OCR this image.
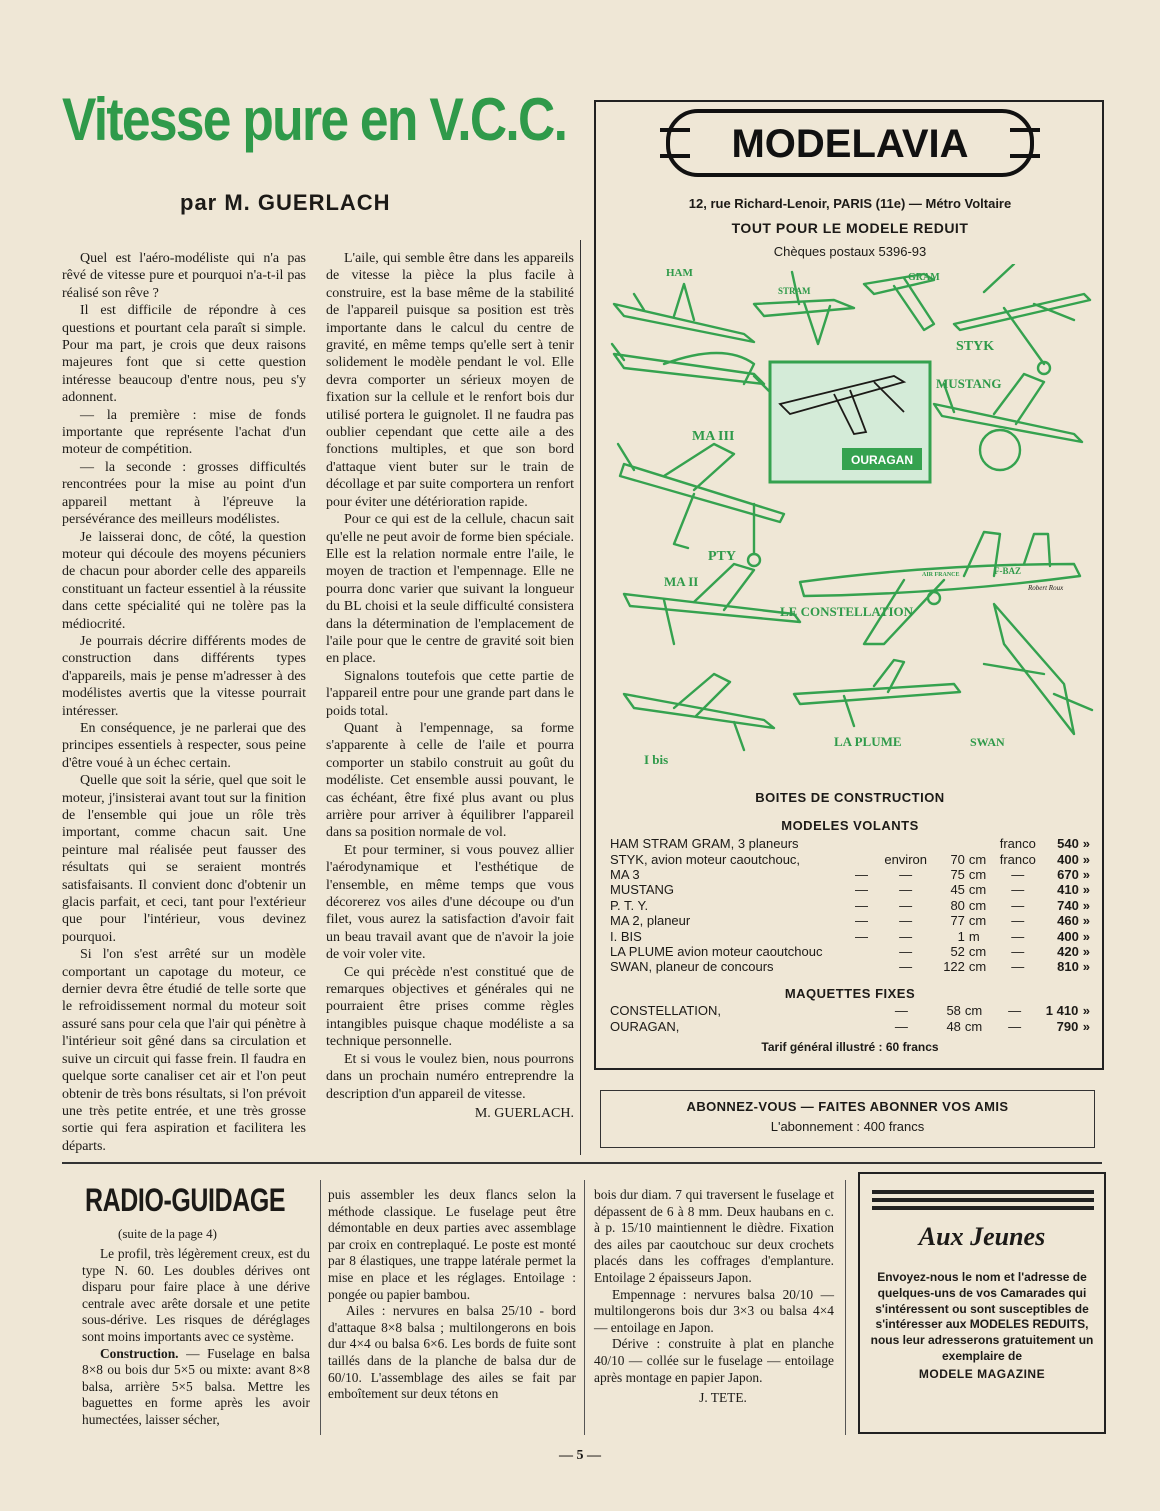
Vitesse pure en V.C.C.
par M. GUERLACH

Quel est l'aéro-modéliste qui n'a pas rêvé de vitesse pure et pourquoi n'a-t-il pas réalisé son rêve ?

Il est difficile de répondre à ces questions et pourtant cela paraît si simple. Pour ma part, je crois que deux raisons majeures font que si cette question intéresse beaucoup d'entre nous, peu s'y adonnent.

— la première : mise de fonds importante que représente l'achat d'un moteur de compétition.

— la seconde : grosses difficultés rencontrées pour la mise au point d'un appareil mettant à l'épreuve la persévérance des meilleurs modélistes.

Je laisserai donc, de côté, la question moteur qui découle des moyens pécuniers de chacun pour aborder celle des appareils constituant un facteur essentiel à la réussite dans cette spécialité qui ne tolère pas la médiocrité.

Je pourrais décrire différents modes de construction dans différents types d'appareils, mais je pense m'adresser à des modélistes avertis que la vitesse pourrait intéresser.

En conséquence, je ne parlerai que des principes essentiels à respecter, sous peine d'être voué à un échec certain.

Quelle que soit la série, quel que soit le moteur, j'insisterai avant tout sur la finition de l'ensemble qui joue un rôle très important, comme chacun sait. Une peinture mal réalisée peut fausser des résultats qui se seraient montrés satisfaisants. Il convient donc d'obtenir un glacis parfait, et ceci, tant pour l'extérieur que pour l'intérieur, vous devinez pourquoi.

Si l'on s'est arrêté sur un modèle comportant un capotage du moteur, ce dernier devra être étudié de telle sorte que le refroidissement normal du moteur soit assuré sans pour cela que l'air qui pénètre à l'intérieur soit gêné dans sa circulation et suive un circuit qui fasse frein. Il faudra en quelque sorte canaliser cet air et l'on peut obtenir de très bons résultats, si l'on prévoit une très petite entrée, et une très grosse sortie qui fera aspiration et facilitera les départs.

L'aile, qui semble être dans les appareils de vitesse la pièce la plus facile à construire, est la base même de la stabilité de l'appareil puisque sa position est très importante dans le calcul du centre de gravité, en même temps qu'elle sert à tenir solidement le modèle pendant le vol. Elle devra comporter un sérieux moyen de fixation sur la cellule et le renfort bois dur utilisé portera le guignolet. Il ne faudra pas oublier cependant que cette aile a des fonctions multiples, et que son bord d'attaque vient buter sur le train de décollage et par suite comportera un renfort pour éviter une détérioration rapide.

Pour ce qui est de la cellule, chacun sait qu'elle ne peut avoir de forme bien spéciale. Elle est la relation normale entre l'aile, le moyen de traction et l'empennage. Elle ne pourra donc varier que suivant la longueur du BL choisi et la seule difficulté consistera dans la détermination de l'emplacement de l'aile pour que le centre de gravité soit bien en place.

Signalons toutefois que cette partie de l'appareil entre pour une grande part dans le poids total.

Quant à l'empennage, sa forme s'apparente à celle de l'aile et pourra comporter un stabilo construit au goût du modéliste. Cet ensemble aussi pouvant, le cas échéant, être fixé plus avant ou plus arrière pour arriver à équilibrer l'appareil dans sa position normale de vol.

Et pour terminer, si vous pouvez allier l'aérodynamique et l'esthétique de l'ensemble, en même temps que vous décorerez vos ailes d'une découpe ou d'un filet, vous aurez la satisfaction d'avoir fait un beau travail avant que de n'avoir la joie de voir voler vite.

Ce qui précède n'est constitué que de remarques objectives et générales qui ne pourraient être prises comme règles intangibles puisque chaque modéliste a sa technique personnelle.

Et si vous le voulez bien, nous pourrons dans un prochain numéro entreprendre la description d'un appareil de vitesse.

M. GUERLACH.

MODELAVIA
12, rue Richard-Lenoir, PARIS (11e) — Métro Voltaire
TOUT POUR LE MODELE REDUIT
Chèques postaux 5396-93
OURAGAN
HAM
STRAM
GRAM
STYK
MUSTANG
MA III
PTY
MA II
LE CONSTELLATION
LA PLUME	SWAN
I bis
AIR FRANCE	F-BAZ
Robert Roux
BOITES DE CONSTRUCTION
MODELES VOLANTS
HAM STRAM GRAM, 3 planeurs					franco	540	»
STYK, avion moteur caoutchouc,		environ	70	cm	franco	400	»
MA 3	—	—	75	cm	—	670	»
MUSTANG	—	—	45	cm	—	410	»
P. T. Y.	—	—	80	cm	—	740	»
MA 2, planeur	—	—	77	cm	—	460	»
I. BIS	—	—	1	m	—	400	»
LA PLUME avion moteur caoutchouc		—	52	cm	—	420	»
SWAN, planeur de concours		—	122	cm	—	810	»
MAQUETTES FIXES
CONSTELLATION,		—	58	cm	—	1 410	»
OURAGAN,		—	48	cm	—	790	»
Tarif général illustré : 60 francs
ABONNEZ-VOUS — FAITES ABONNER VOS AMIS
L'abonnement : 400 francs
RADIO-GUIDAGE
(suite de la page 4)

Le profil, très légèrement creux, est du type N. 60. Les doubles dérives ont disparu pour faire place à une dérive centrale avec arête dorsale et une petite sous-dérive. Les risques de déréglages sont moins importants avec ce système.

Construction. — Fuselage en balsa 8×8 ou bois dur 5×5 ou mixte: avant 8×8 balsa, arrière 5×5 balsa. Mettre les baguettes en forme après les avoir humectées, laisser sécher,

puis assembler les deux flancs selon la méthode classique. Le fuselage peut être démontable en deux parties avec assemblage par croix en contreplaqué. Le poste est monté par 8 élastiques, une trappe latérale permet la mise en place et les réglages. Entoilage : pongée ou papier bambou.

Ailes : nervures en balsa 25/10 - bord d'attaque 8×8 balsa ; multilongerons en bois dur 4×4 ou balsa 6×6. Les bords de fuite sont taillés dans de la planche de balsa dur de 60/10. L'assemblage des ailes se fait par emboîtement sur deux tétons en

bois dur diam. 7 qui traversent le fuselage et dépassent de 6 à 8 mm. Deux haubans en c. à p. 15/10 maintiennent le dièdre. Fixation des ailes par caoutchouc sur deux crochets placés dans les coffrages d'emplanture. Entoilage 2 épaisseurs Japon.

Empennage : nervures balsa 20/10 — multilongerons bois dur 3×3 ou balsa 4×4 — entoilage en Japon.

Dérive : construite à plat en planche 40/10 — collée sur le fuselage — entoilage après montage en papier Japon.

J. TETE.

Aux Jeunes
Envoyez-nous le nom et l'adresse de quelques-uns de vos Camarades qui s'intéressent ou sont susceptibles de s'intéresser aux MODELES REDUITS, nous leur adresserons gratuitement un exemplaire de
MODELE MAGAZINE
— 5 —
